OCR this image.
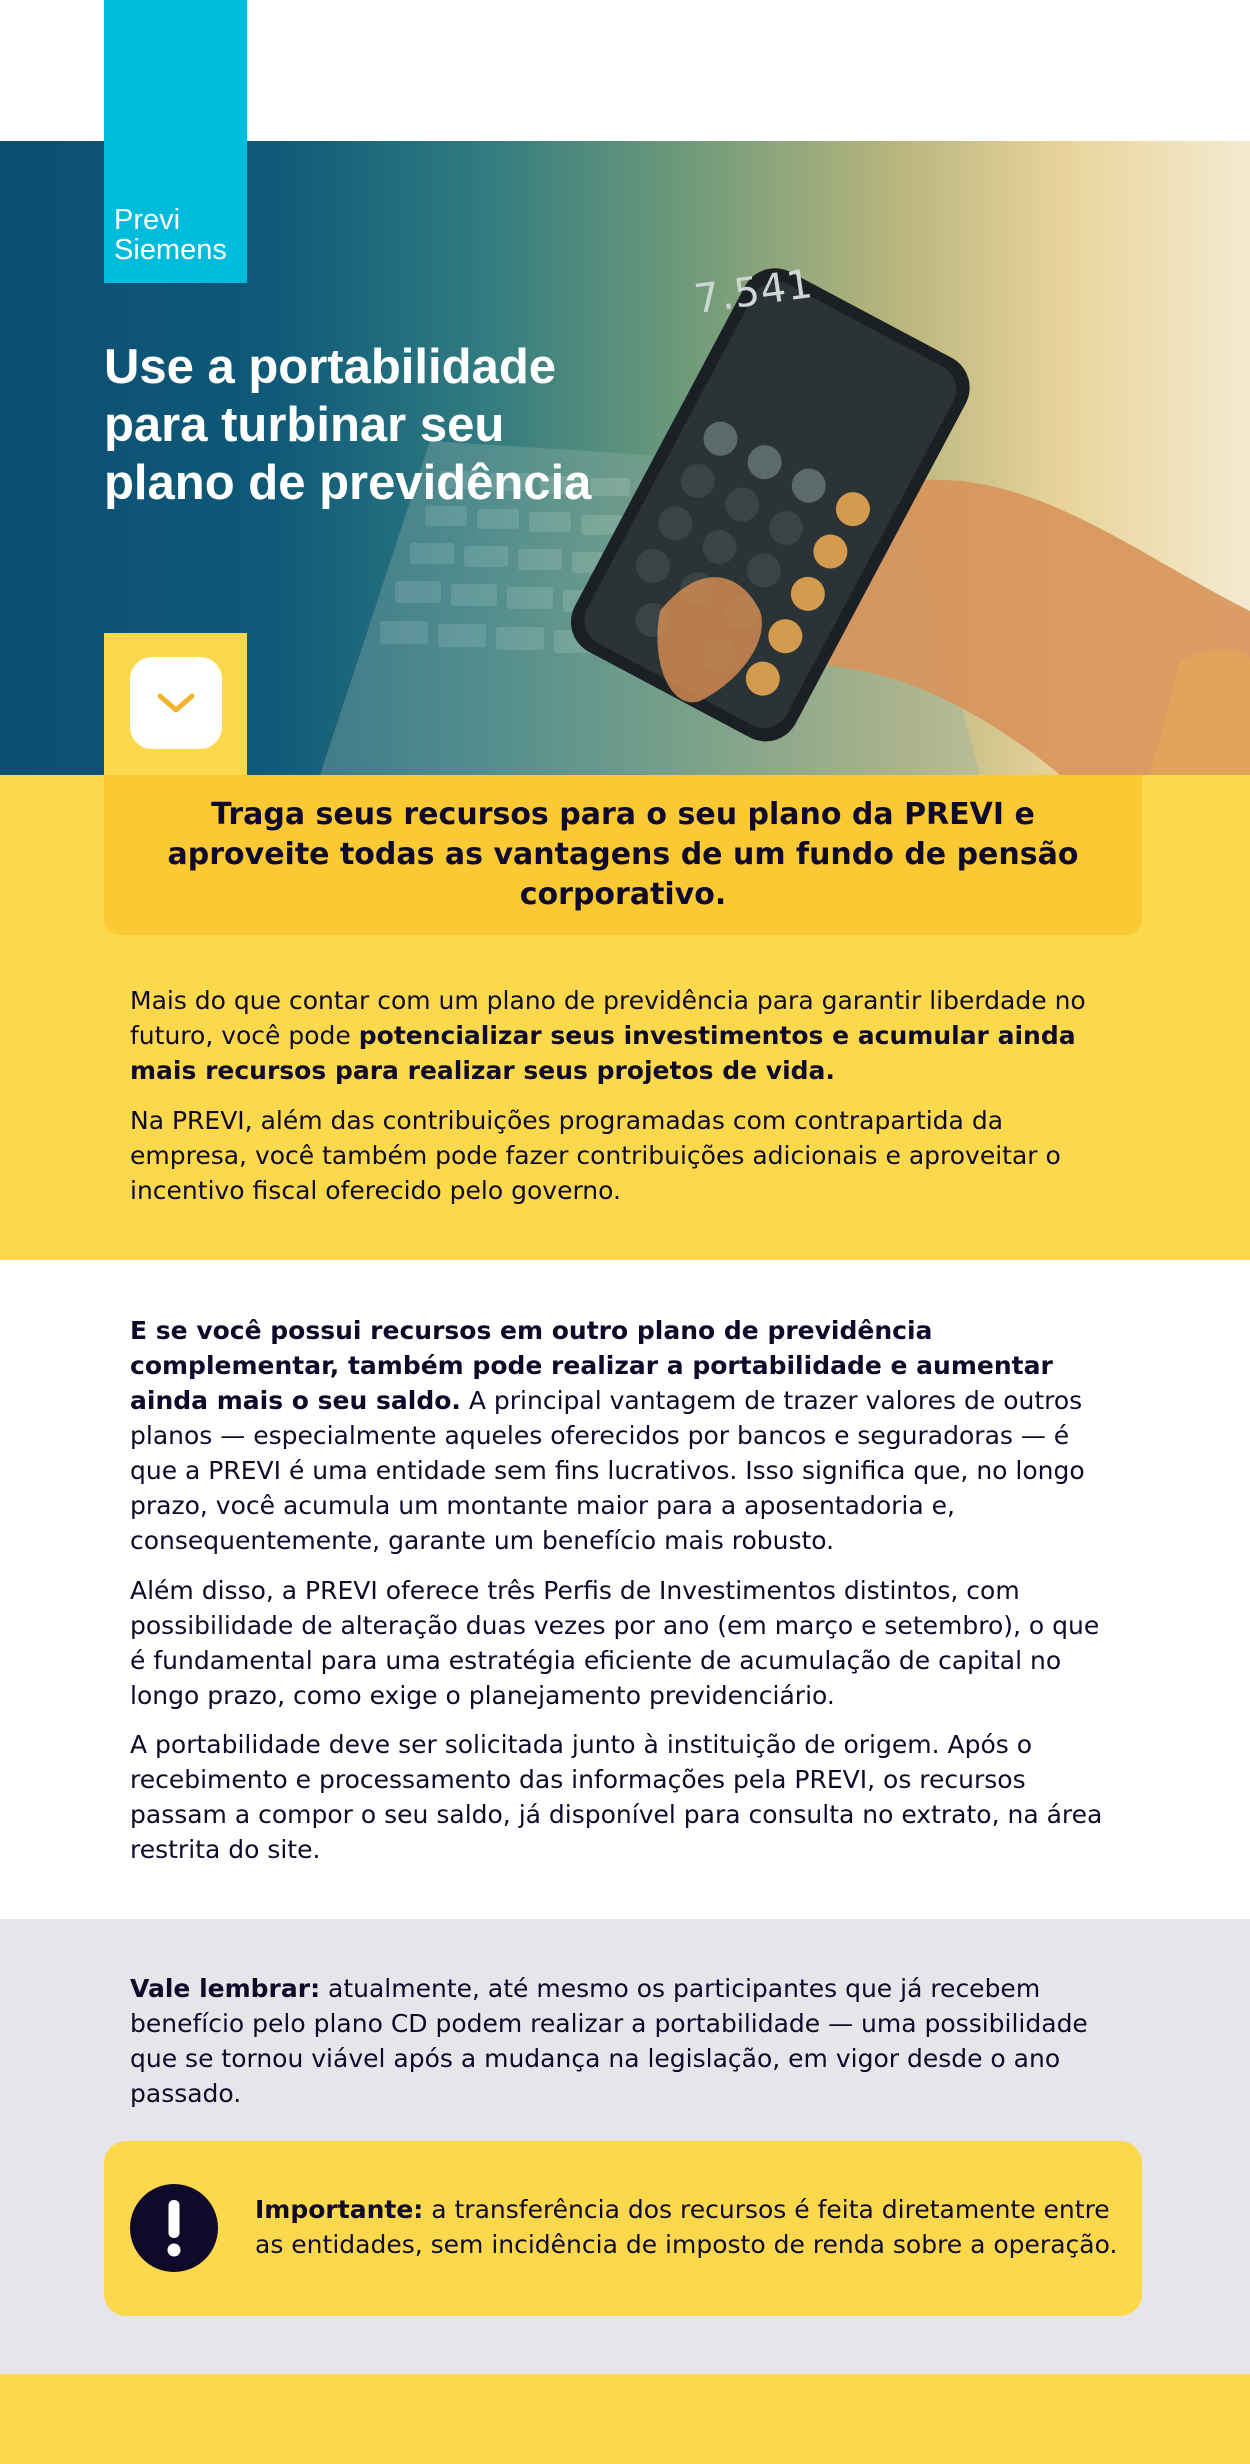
7.541
Previ
Siemens
Use a portabilidade para turbinar seu plano de previdência
Traga seus recursos para o seu plano da PREVI e aproveite todas as vantagens de um fundo de pensão corporativo.

Mais do que contar com um plano de previdência para garantir liberdade no futuro, você pode potencializar seus investimentos e acumular ainda mais recursos para realizar seus projetos de vida.

Na PREVI, além das contribuições programadas com contrapartida da empresa, você também pode fazer contribuições adicionais e aproveitar o incentivo fiscal oferecido pelo governo.

E se você possui recursos em outro plano de previdência complementar, também pode realizar a portabilidade e aumentar ainda mais o seu saldo. A principal vantagem de trazer valores de outros planos — especialmente aqueles oferecidos por bancos e seguradoras — é que a PREVI é uma entidade sem fins lucrativos. Isso significa que, no longo prazo, você acumula um montante maior para a aposentadoria e, consequentemente, garante um benefício mais robusto.

Além disso, a PREVI oferece três Perfis de Investimentos distintos, com possibilidade de alteração duas vezes por ano (em março e setembro), o que é fundamental para uma estratégia eficiente de acumulação de capital no longo prazo, como exige o planejamento previdenciário.

A portabilidade deve ser solicitada junto à instituição de origem. Após o recebimento e processamento das informações pela PREVI, os recursos passam a compor o seu saldo, já disponível para consulta no extrato, na área restrita do site.

Vale lembrar: atualmente, até mesmo os participantes que já recebem benefício pelo plano CD podem realizar a portabilidade — uma possibilidade que se tornou viável após a mudança na legislação, em vigor desde o ano passado.

Importante: a transferência dos recursos é feita diretamente entre as entidades, sem incidência de imposto de renda sobre a operação.
